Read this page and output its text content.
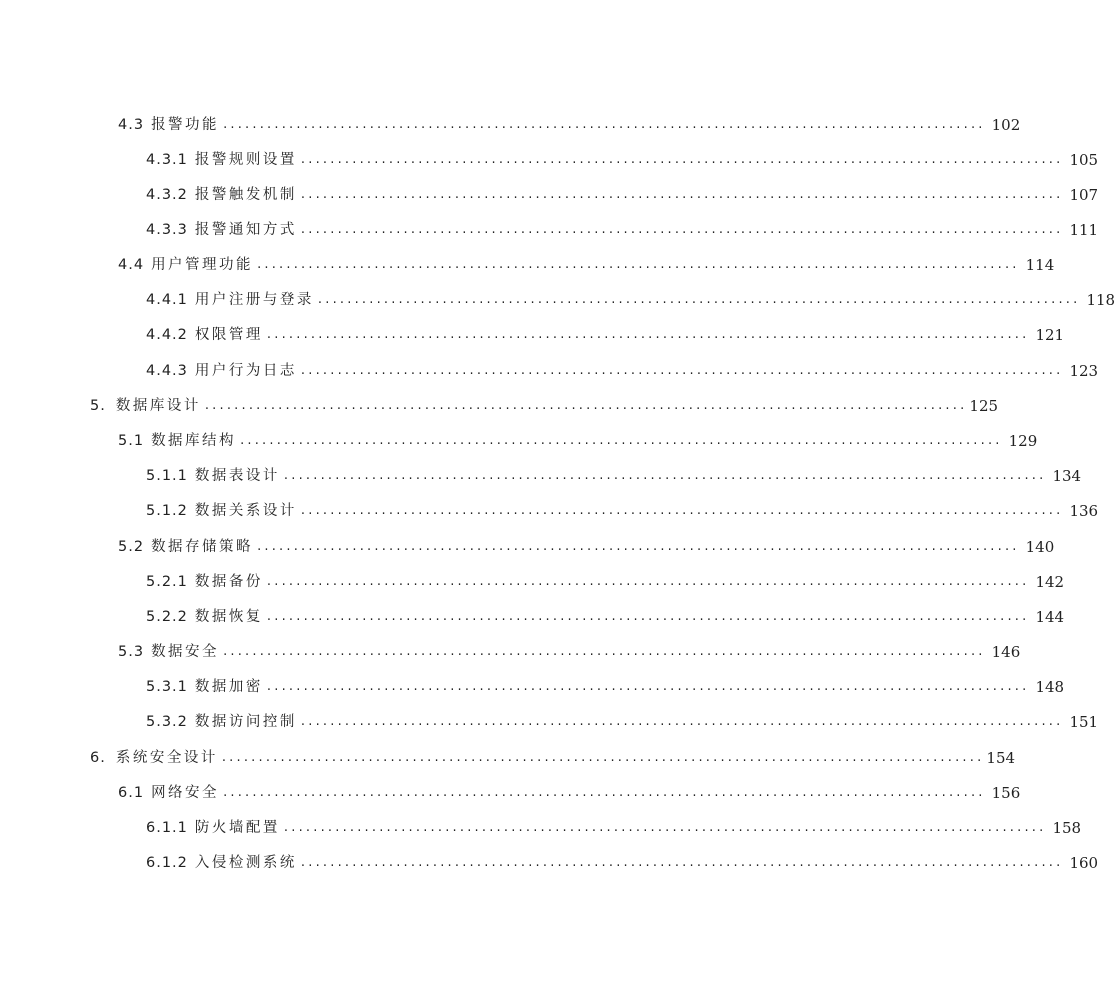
4.3 报警功能 ........................................................................................................ 102
4.3.1 报警规则设置 ........................................................................................................ 105
4.3.2 报警触发机制 ........................................................................................................ 107
4.3.3 报警通知方式 ........................................................................................................ 111
4.4 用户管理功能 ........................................................................................................ 114
4.4.1 用户注册与登录 ........................................................................................................ 118
4.4.2 权限管理 ........................................................................................................ 121
4.4.3 用户行为日志 ........................................................................................................ 123
5. 数据库设计 ........................................................................................................ 125
5.1 数据库结构 ........................................................................................................ 129
5.1.1 数据表设计 ........................................................................................................ 134
5.1.2 数据关系设计 ........................................................................................................ 136
5.2 数据存储策略 ........................................................................................................ 140
5.2.1 数据备份 ........................................................................................................ 142
5.2.2 数据恢复 ........................................................................................................ 144
5.3 数据安全 ........................................................................................................ 146
5.3.1 数据加密 ........................................................................................................ 148
5.3.2 数据访问控制 ........................................................................................................ 151
6. 系统安全设计 ........................................................................................................ 154
6.1 网络安全 ........................................................................................................ 156
6.1.1 防火墙配置 ........................................................................................................ 158
6.1.2 入侵检测系统 ........................................................................................................ 160
